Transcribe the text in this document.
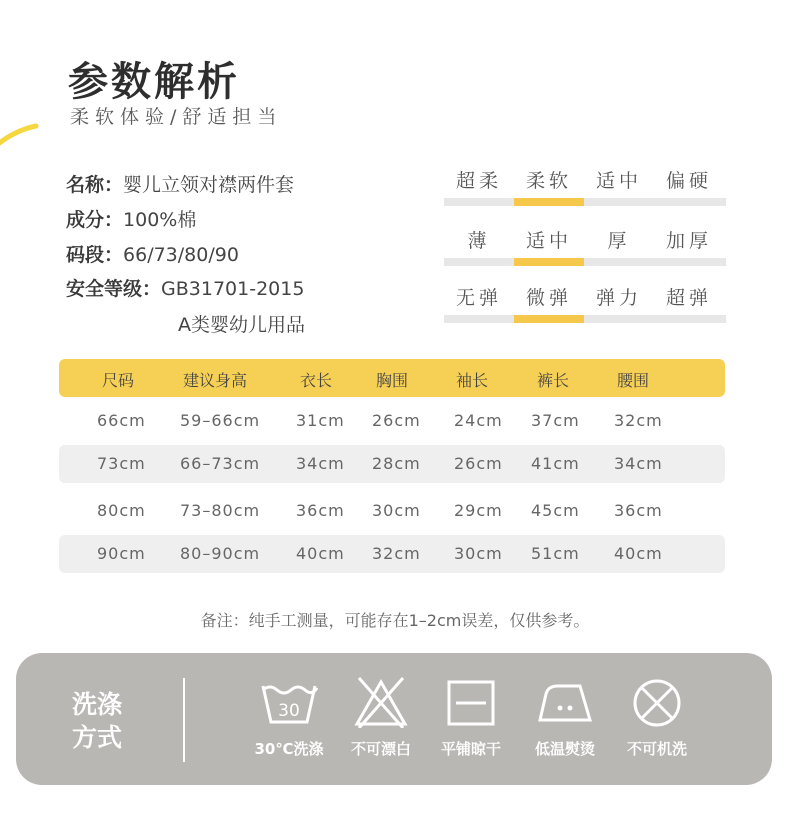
参数解析
柔软体验/舒适担当
名称：婴儿立领对襟两件套
成分：100%棉
码段：66/73/80/90
安全等级：GB31701-2015
A类婴幼儿用品
超柔	柔软	适中	偏硬
薄	适中	厚	加厚
无弹	微弹	弹力	超弹
尺码	建议身高	衣长	胸围	袖长	裤长	腰围
66cm 59–66cm 31cm 26cm 24cm 37cm 32cm
73cm 66–73cm 34cm 28cm 26cm 41cm 34cm
80cm 73–80cm 36cm 30cm 29cm 45cm 36cm
90cm 80–90cm 40cm 32cm 30cm 51cm 40cm
备注：纯手工测量，可能存在1–2cm误差，仅供参考。
洗涤
方式
30
30℃洗涤	不可漂白	平铺晾干	低温熨烫	不可机洗
